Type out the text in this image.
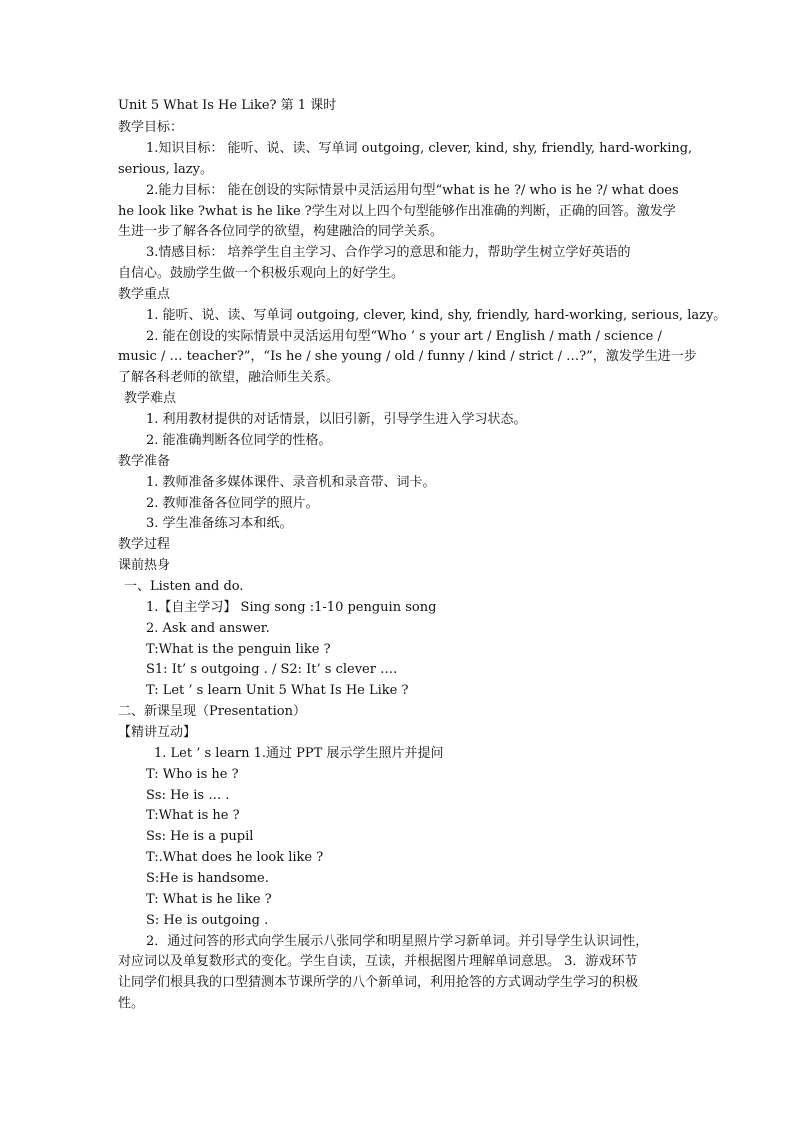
Unit 5 What Is He Like? 第 1 课时
教学目标：
1.知识目标： 能听、说、读、写单词 outgoing, clever, kind, shy, friendly, hard-working,
serious, lazy。
2.能力目标： 能在创设的实际情景中灵活运用句型“what is he ?/ who is he ?/ what does
he look like ?what is he like ?学生对以上四个句型能够作出准确的判断，正确的回答。激发学
生进一步了解各各位同学的欲望，构建融洽的同学关系。
3.情感目标： 培养学生自主学习、合作学习的意思和能力，帮助学生树立学好英语的
自信心。鼓励学生做一个积极乐观向上的好学生。
教学重点
1. 能听、说、读、写单词 outgoing, clever, kind, shy, friendly, hard-working, serious, lazy。
2. 能在创设的实际情景中灵活运用句型“Who ’ s your art / English / math / science /
music / … teacher?”，“Is he / she young / old / funny / kind / strict / …?”，激发学生进一步
了解各科老师的欲望，融洽师生关系。
教学难点
1. 利用教材提供的对话情景，以旧引新，引导学生进入学习状态。
2. 能准确判断各位同学的性格。
教学准备
1. 教师准备多媒体课件、录音机和录音带、词卡。
2. 教师准备各位同学的照片。
3. 学生准备练习本和纸。
教学过程
课前热身
一、Listen and do.
1.【自主学习】 Sing song :1-10 penguin song
2. Ask and answer.
T:What is the penguin like ?
S1: It’ s outgoing . / S2: It’ s clever ….
T: Let ’ s learn Unit 5 What Is He Like ?
二、新课呈现（Presentation）
【精讲互动】
1. Let ’ s learn 1.通过 PPT 展示学生照片并提问
T: Who is he ?
Ss: He is … .
T:What is he ?
Ss: He is a pupil
T:.What does he look like ?
S:He is handsome.
T: What is he like ?
S: He is outgoing .
2．通过问答的形式向学生展示八张同学和明星照片学习新单词。并引导学生认识词性，
对应词以及单复数形式的变化。学生自读，互读，并根据图片理解单词意思。 3．游戏环节
让同学们根具我的口型猜测本节课所学的八个新单词，利用抢答的方式调动学生学习的积极
性。
